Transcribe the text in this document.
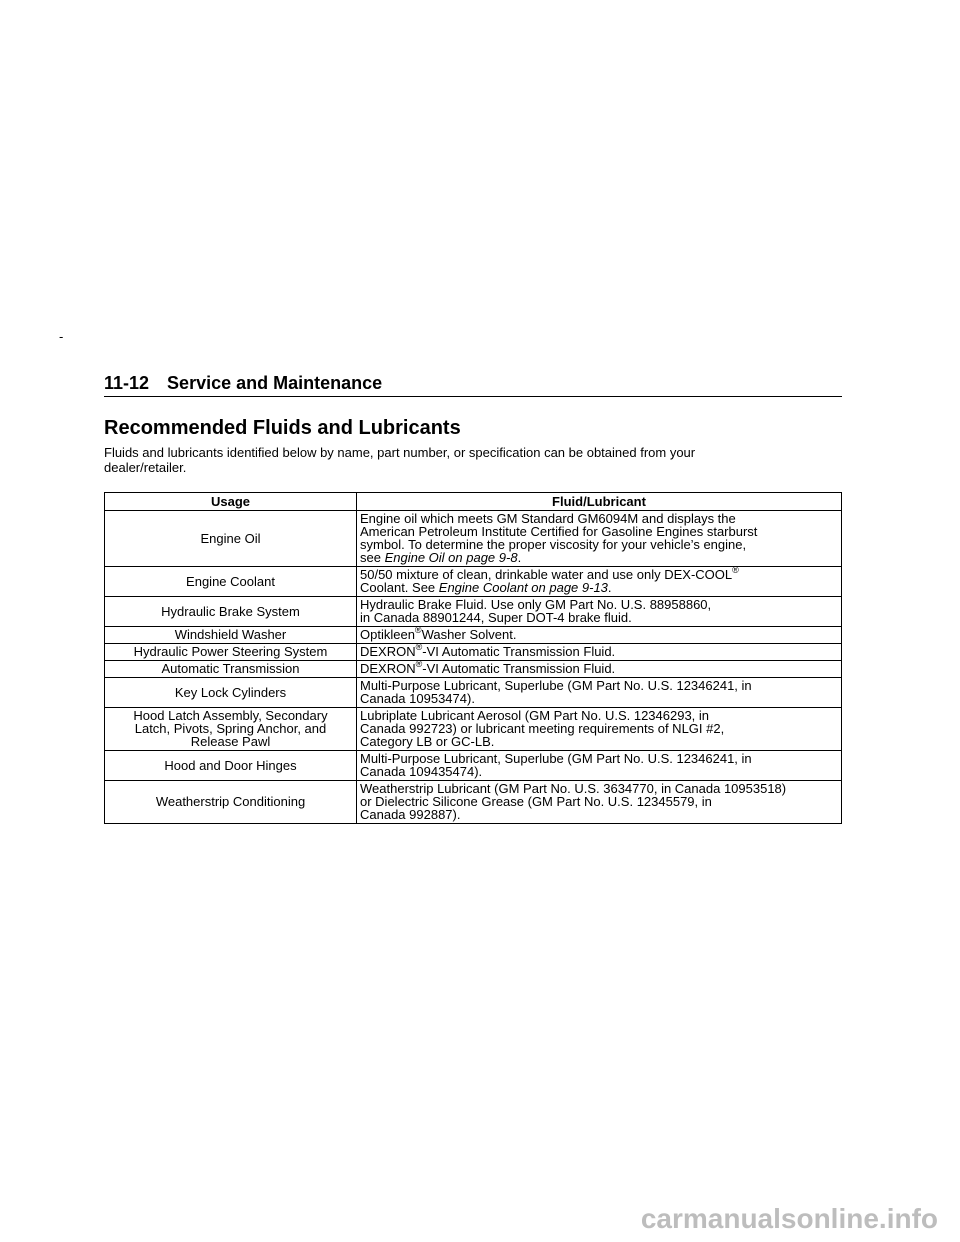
-
11-12 Service and Maintenance
Recommended Fluids and Lubricants
Fluids and lubricants identified below by name, part number, or specification can be obtained from your
dealer/retailer.
Usage	Fluid/Lubricant
Engine Oil	Engine oil which meets GM Standard GM6094M and displays the
American Petroleum Institute Certified for Gasoline Engines starburst
symbol. To determine the proper viscosity for your vehicle’s engine,
see Engine Oil on page 9-8.

Engine Coolant	50/50 mixture of clean, drinkable water and use only DEX-COOL®
Coolant. See Engine Coolant on page 9-13.

Hydraulic Brake System	Hydraulic Brake Fluid. Use only GM Part No. U.S. 88958860,
in Canada 88901244, Super DOT-4 brake fluid.

Windshield Washer	Optikleen®Washer Solvent.

Hydraulic Power Steering System	DEXRON®-VI Automatic Transmission Fluid.

Automatic Transmission	DEXRON®-VI Automatic Transmission Fluid.

Key Lock Cylinders	Multi-Purpose Lubricant, Superlube (GM Part No. U.S. 12346241, in
Canada 10953474).

Hood Latch Assembly, Secondary
Latch, Pivots, Spring Anchor, and
Release Pawl	Lubriplate Lubricant Aerosol (GM Part No. U.S. 12346293, in
Canada 992723) or lubricant meeting requirements of NLGI #2,
Category LB or GC-LB.

Hood and Door Hinges	Multi-Purpose Lubricant, Superlube (GM Part No. U.S. 12346241, in
Canada 109435474).

Weatherstrip Conditioning	Weatherstrip Lubricant (GM Part No. U.S. 3634770, in Canada 10953518)
or Dielectric Silicone Grease (GM Part No. U.S. 12345579, in
Canada 992887).
carmanualsonline.info
